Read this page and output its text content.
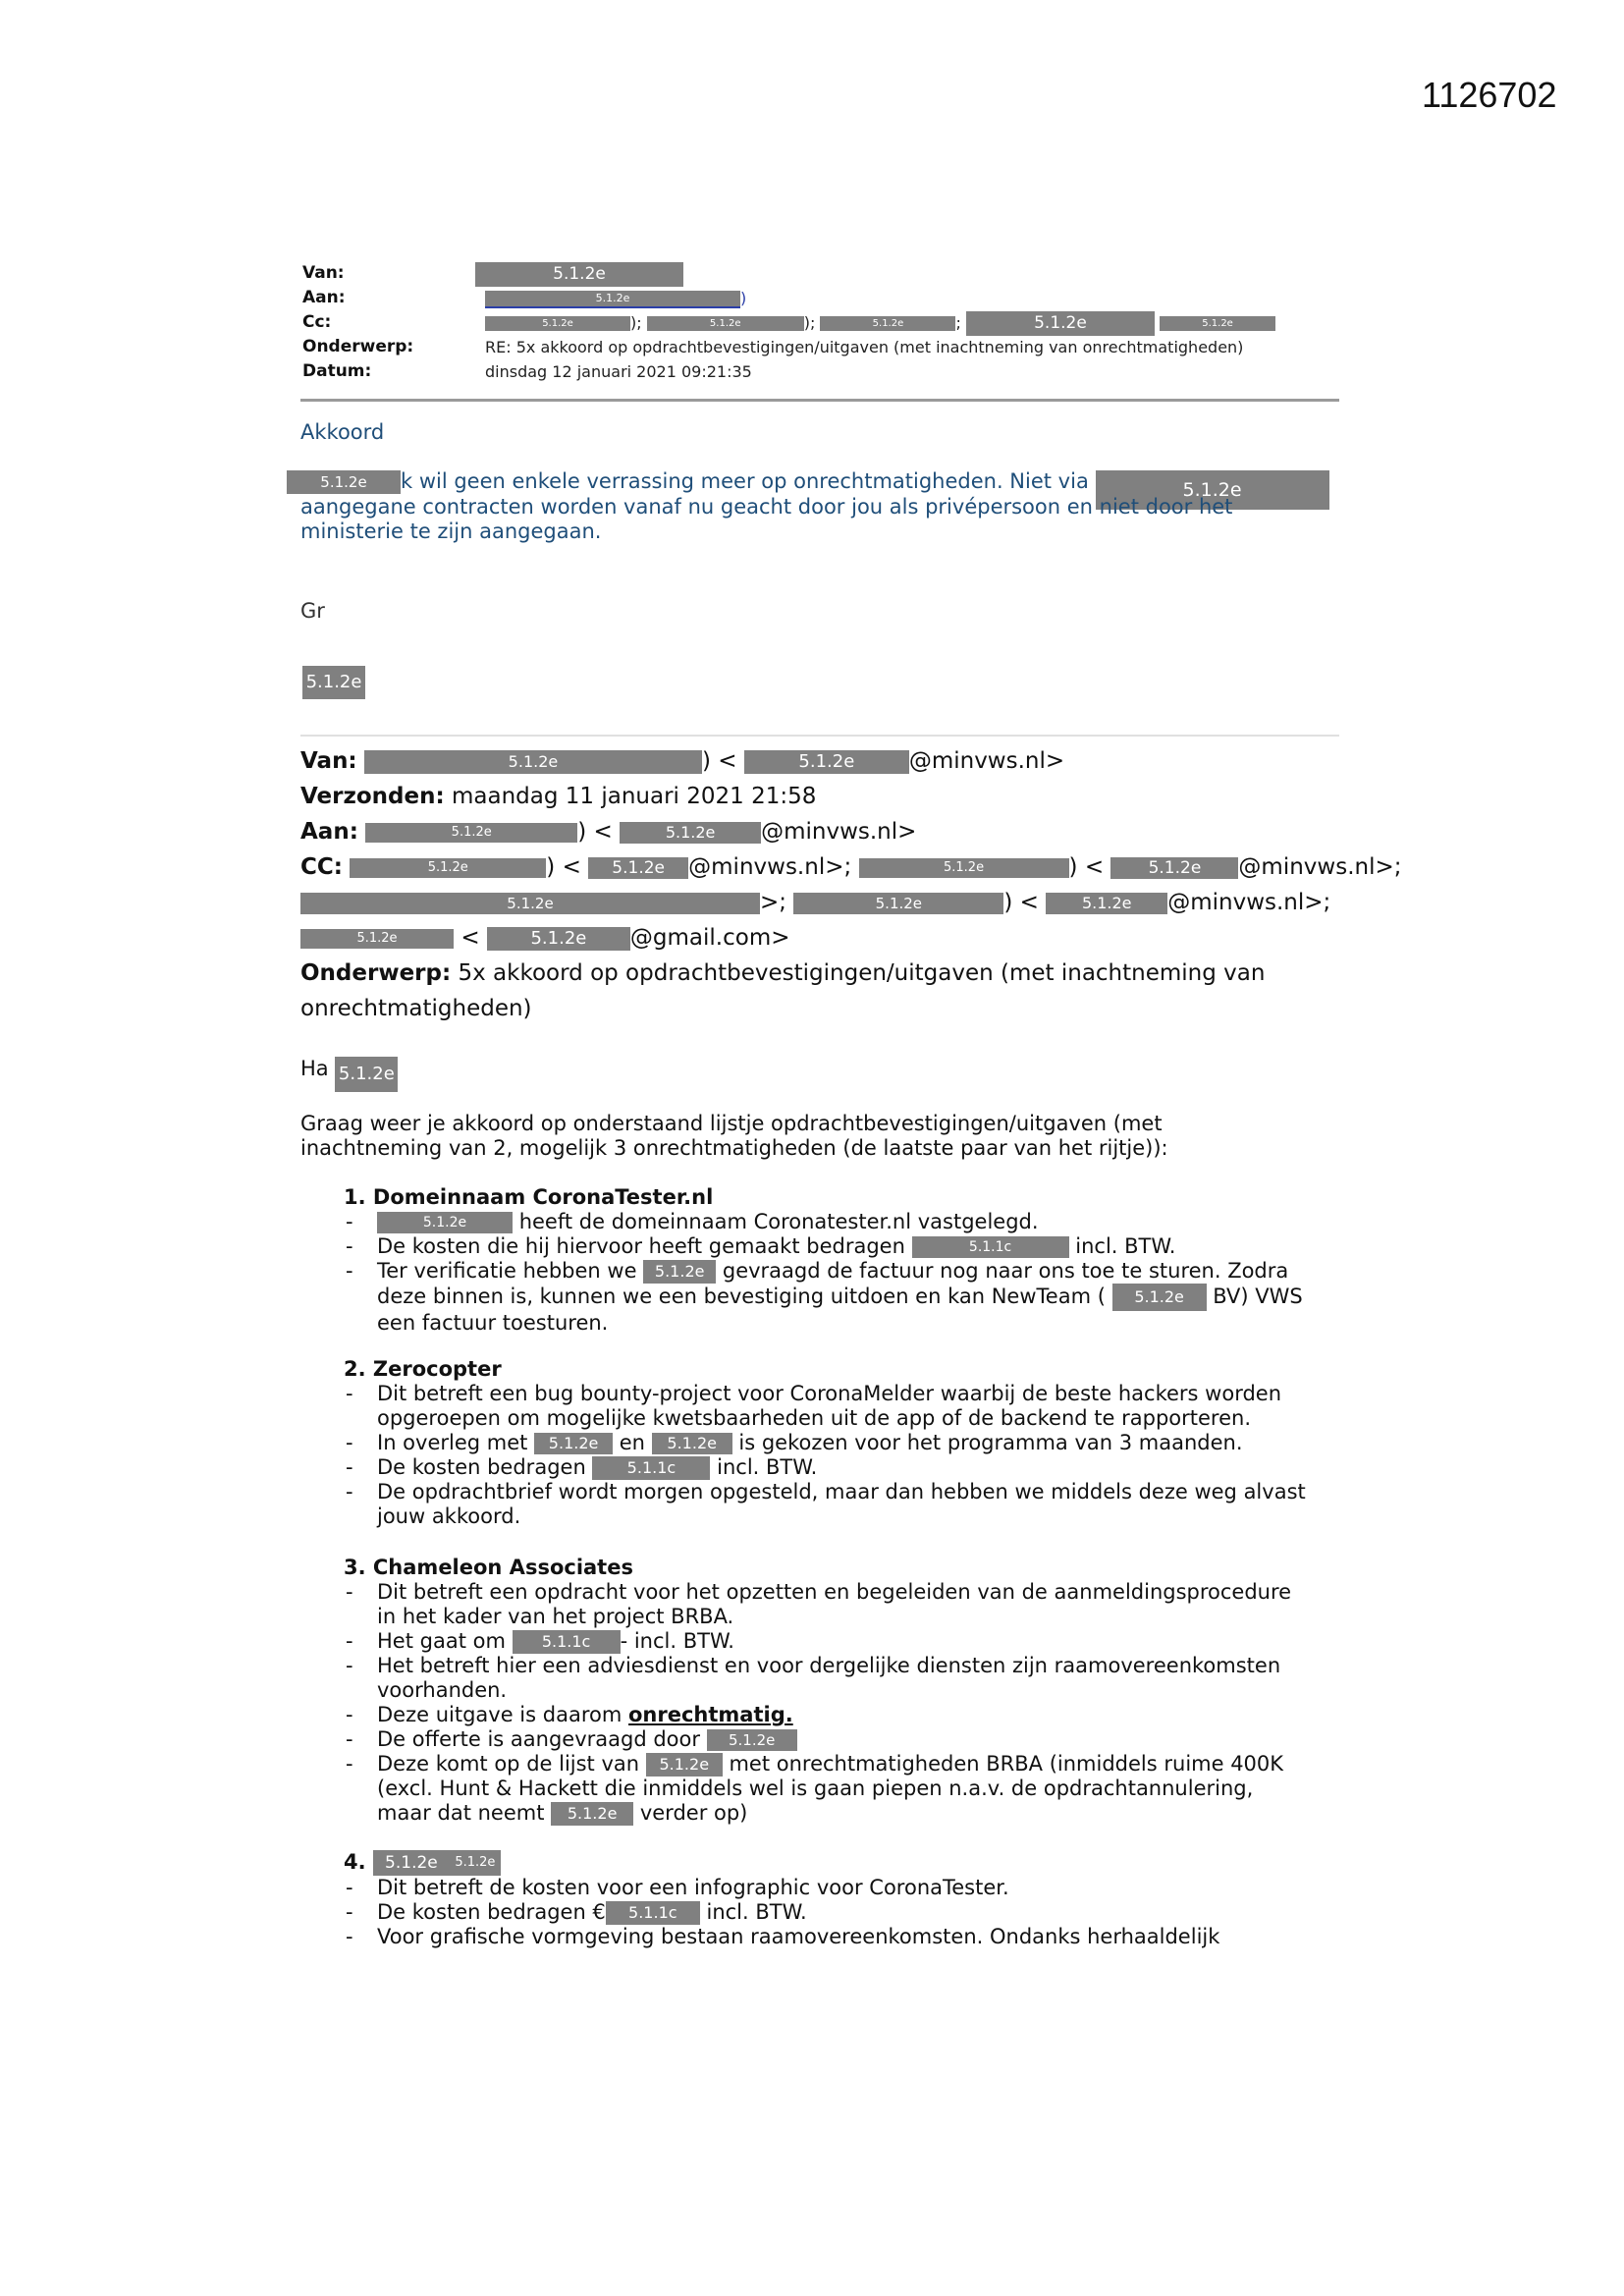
1126702
Van:	5.1.2e
Aan:	5.1.2e	)
Cc:	5.1.2e	);	5.1.2e	);	5.1.2e	;	5.1.2e	5.1.2e
Onderwerp:	RE: 5x akkoord op opdrachtbevestigingen/uitgaven (met inachtneming van onrechtmatigheden)
Datum:	dinsdag 12 januari 2021 09:21:35
Akkoord
5.1.2e k wil geen enkele verrassing meer op onrechtmatigheden. Niet via	5.1.2e
aangegane contracten worden vanaf nu geacht door jou als privépersoon en niet door het
ministerie te zijn aangegaan.
Gr
5.1.2e
Van:	5.1.2e	) <	5.1.2e @minvws.nl>
Verzonden: maandag 11 januari 2021 21:58
Aan:	5.1.2e	) <	5.1.2e @minvws.nl>
CC:	5.1.2e	) < 5.1.2e @minvws.nl>;	5.1.2e	) <	5.1.2e @minvws.nl>;
5.1.2e	>;	5.1.2e	) <	5.1.2e @minvws.nl>;
5.1.2e	<	5.1.2e @gmail.com>
Onderwerp: 5x akkoord op opdrachtbevestigingen/uitgaven (met inachtneming van
onrechtmatigheden)
Ha 5.1.2e
Graag weer je akkoord op onderstaand lijstje opdrachtbevestigingen/uitgaven (met
inachtneming van 2, mogelijk 3 onrechtmatigheden (de laatste paar van het rijtje)):
1. Domeinnaam CoronaTester.nl
- 5.1.2e	heeft de domeinnaam Coronatester.nl vastgelegd.
- De kosten die hij hiervoor heeft gemaakt bedragen	5.1.1c	incl. BTW.
- Ter verificatie hebben we 5.1.2e gevraagd de factuur nog naar ons toe te sturen. Zodra
deze binnen is, kunnen we een bevestiging uitdoen en kan NewTeam ( 5.1.2e BV) VWS
een factuur toesturen.
2. Zerocopter
- Dit betreft een bug bounty-project voor CoronaMelder waarbij de beste hackers worden
opgeroepen om mogelijke kwetsbaarheden uit de app of de backend te rapporteren.
- In overleg met 5.1.2e en 5.1.2e is gekozen voor het programma van 3 maanden.
- De kosten bedragen	5.1.1c incl. BTW.
- De opdrachtbrief wordt morgen opgesteld, maar dan hebben we middels deze weg alvast
jouw akkoord.
3. Chameleon Associates
- Dit betreft een opdracht voor het opzetten en begeleiden van de aanmeldingsprocedure
in het kader van het project BRBA.
- Het gaat om 5.1.1c - incl. BTW.
- Het betreft hier een adviesdienst en voor dergelijke diensten zijn raamovereenkomsten
voorhanden.
- Deze uitgave is daarom onrechtmatig.
- De offerte is aangevraagd door 5.1.2e
- Deze komt op de lijst van 5.1.2e met onrechtmatigheden BRBA (inmiddels ruime 400K
(excl. Hunt & Hackett die inmiddels wel is gaan piepen n.a.v. de opdrachtannulering,
maar dat neemt 5.1.2e verder op)
4. 5.1.2e 5.1.2e
- Dit betreft de kosten voor een infographic voor CoronaTester.
- De kosten bedragen € 5.1.1c incl. BTW.
- Voor grafische vormgeving bestaan raamovereenkomsten. Ondanks herhaaldelijk
